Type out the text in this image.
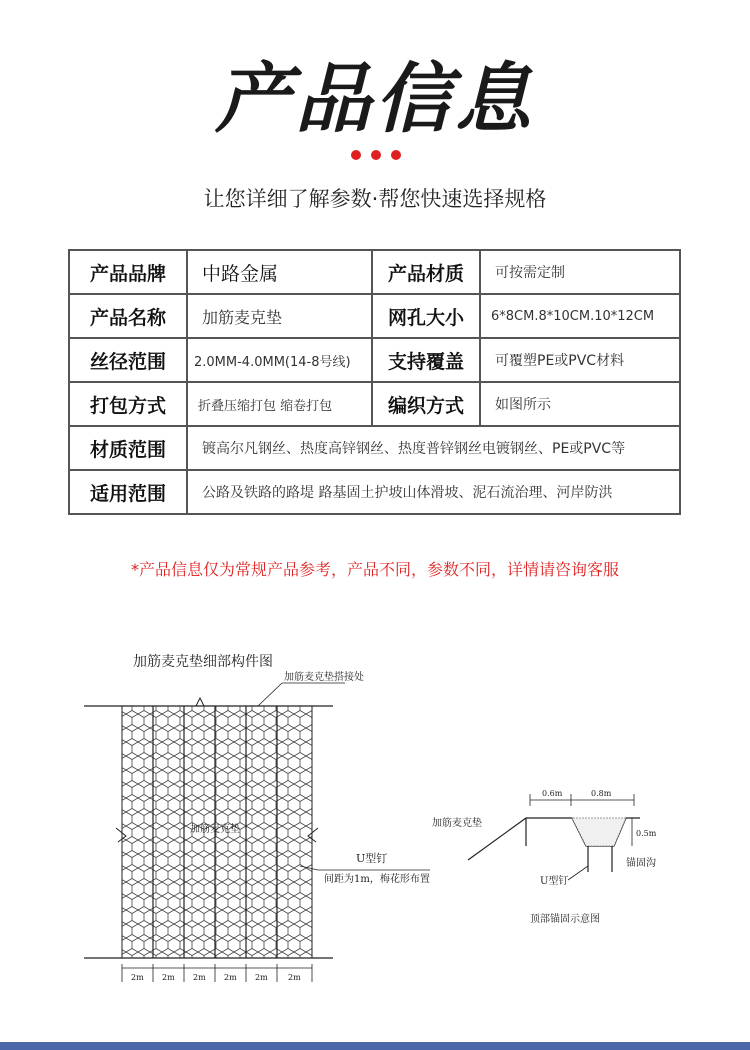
产品信息
让您详细了解参数·帮您快速选择规格
产品品牌	中路金属	产品材质	可按需定制
产品名称	加筋麦克垫	网孔大小	6*8CM.8*10CM.10*12CM
丝径范围	2.0MM-4.0MM(14-8号线)	支持覆盖	可覆塑PE或PVC材料
打包方式	折叠压缩打包 缩卷打包	编织方式	如图所示
材质范围	镀高尔凡钢丝、热度高锌钢丝、热度普锌钢丝电镀钢丝、PE或PVC等		
适用范围	公路及铁路的路堤 路基固土护坡山体滑坡、泥石流治理、河岸防洪		
*产品信息仅为常规产品参考，产品不同，参数不同，详情请咨询客服
加筋麦克垫细部构件图
加筋麦克垫搭接处
加筋麦克垫
U型钉
间距为1m，梅花形布置
2m 2m 2m 2m 2m	2m
0.6m	0.8m
0.5m
加筋麦克垫
锚固沟
U型钉
顶部锚固示意图
